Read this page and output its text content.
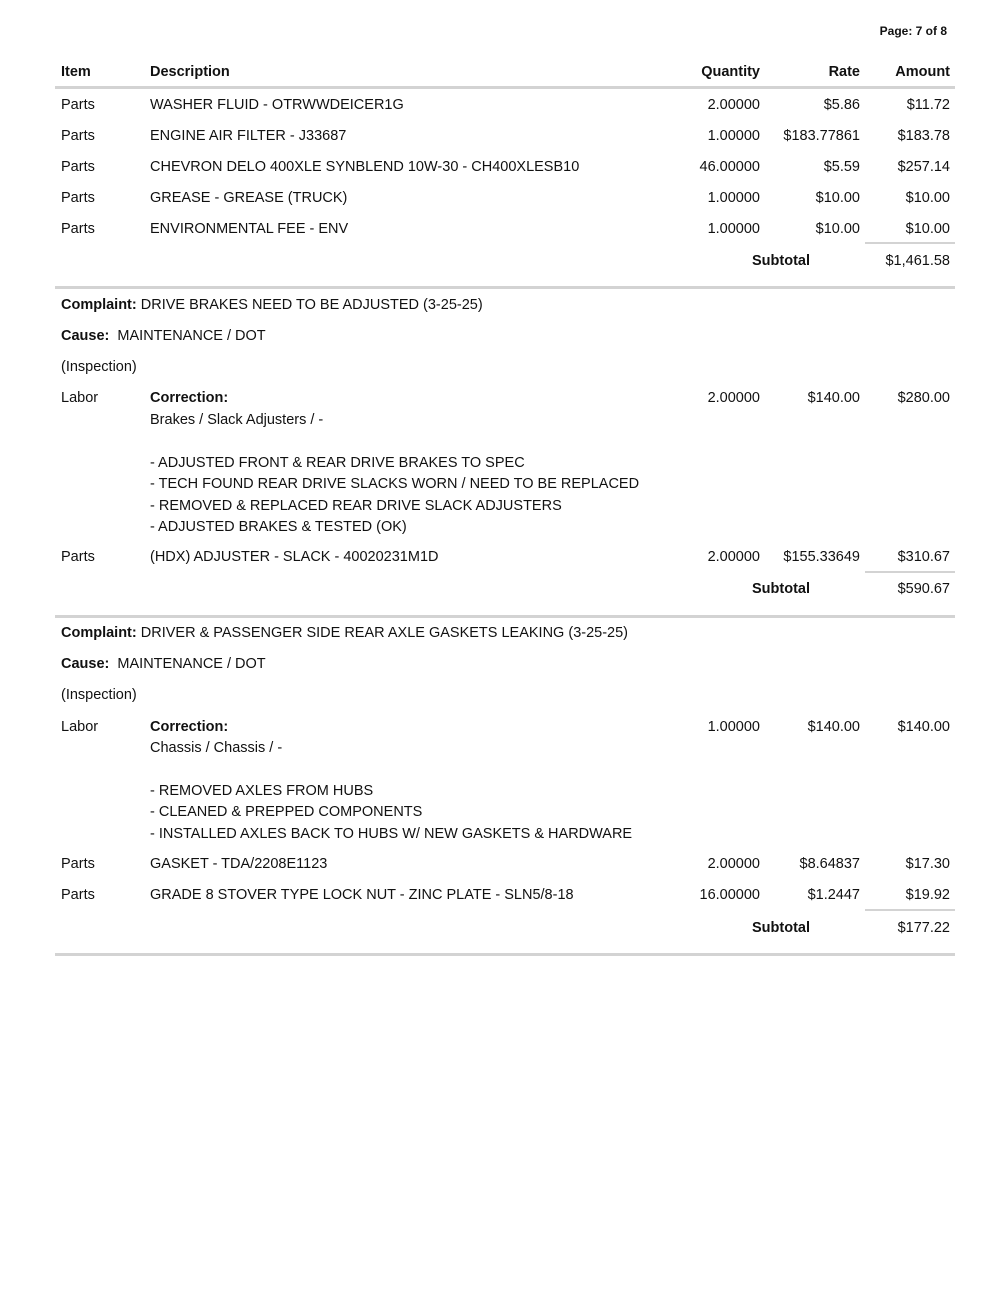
Page: 7 of 8
Item	Description	Quantity	Rate Amount
Parts	WASHER FLUID - OTRWWDEICER1G	2.00000	$5.86	$11.72
Parts	ENGINE AIR FILTER - J33687	1.00000 $183.77861	$183.78
Parts	CHEVRON DELO 400XLE SYNBLEND 10W-30 - CH400XLESB10	46.00000	$5.59	$257.14
Parts	GREASE - GREASE (TRUCK)	1.00000	$10.00	$10.00
Parts	ENVIRONMENTAL FEE - ENV	1.00000	$10.00	$10.00
Subtotal	$1,461.58
Complaint: DRIVE BRAKES NEED TO BE ADJUSTED (3-25-25)
Cause: MAINTENANCE / DOT
(Inspection)
Labor	Correction:	2.00000	$140.00	$280.00
Brakes / Slack Adjusters / -

- ADJUSTED FRONT & REAR DRIVE BRAKES TO SPEC
- TECH FOUND REAR DRIVE SLACKS WORN / NEED TO BE REPLACED
- REMOVED & REPLACED REAR DRIVE SLACK ADJUSTERS
- ADJUSTED BRAKES & TESTED (OK)
Parts	(HDX) ADJUSTER - SLACK - 40020231M1D	2.00000 $155.33649	$310.67
Subtotal	$590.67
Complaint: DRIVER & PASSENGER SIDE REAR AXLE GASKETS LEAKING (3-25-25)
Cause: MAINTENANCE / DOT
(Inspection)
Labor	Correction:	1.00000	$140.00	$140.00
Chassis / Chassis / -

- REMOVED AXLES FROM HUBS
- CLEANED & PREPPED COMPONENTS
- INSTALLED AXLES BACK TO HUBS W/ NEW GASKETS & HARDWARE
Parts	GASKET - TDA/2208E1123	2.00000	$8.64837	$17.30
Parts	GRADE 8 STOVER TYPE LOCK NUT - ZINC PLATE - SLN5/8-18	16.00000	$1.2447	$19.92
Subtotal	$177.22
